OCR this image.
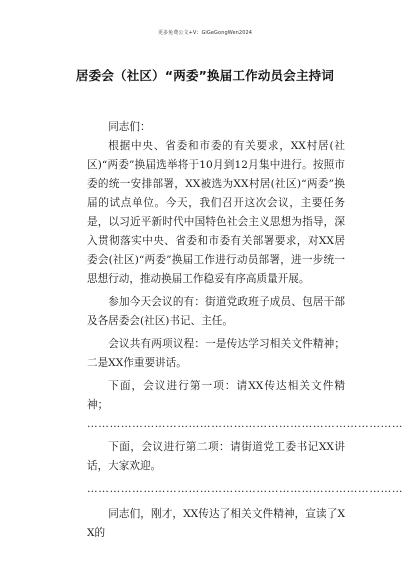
更多免费公文+V：GiGeGongWen2024
居委会（社区）“两委”换届工作动员会主持词

同志们：

根据中央、省委和市委的有关要求，XX村居(社区)“两委”换届选举将于10月到12月集中进行。按照市委的统一安排部署，XX被选为XX村居(社区)“两委”换届的试点单位。今天，我们召开这次会议，主要任务是，以习近平新时代中国特色社会主义思想为指导，深入贯彻落实中央、省委和市委有关部署要求，对XX居委会(社区)“两委”换届工作进行动员部署，进一步统一思想行动，推动换届工作稳妥有序高质量开展。

参加今天会议的有：街道党政班子成员、包居干部及各居委会(社区)书记、主任。

会议共有两项议程：一是传达学习相关文件精神；二是XX作重要讲话。

下面，会议进行第一项：请XX传达相关文件精神；

…………………………………………………………………………

下面，会议进行第二项：请街道党工委书记XX讲话，大家欢迎。

…………………………………………………………………………

同志们，刚才，XX传达了相关文件精神，宣读了XX的
